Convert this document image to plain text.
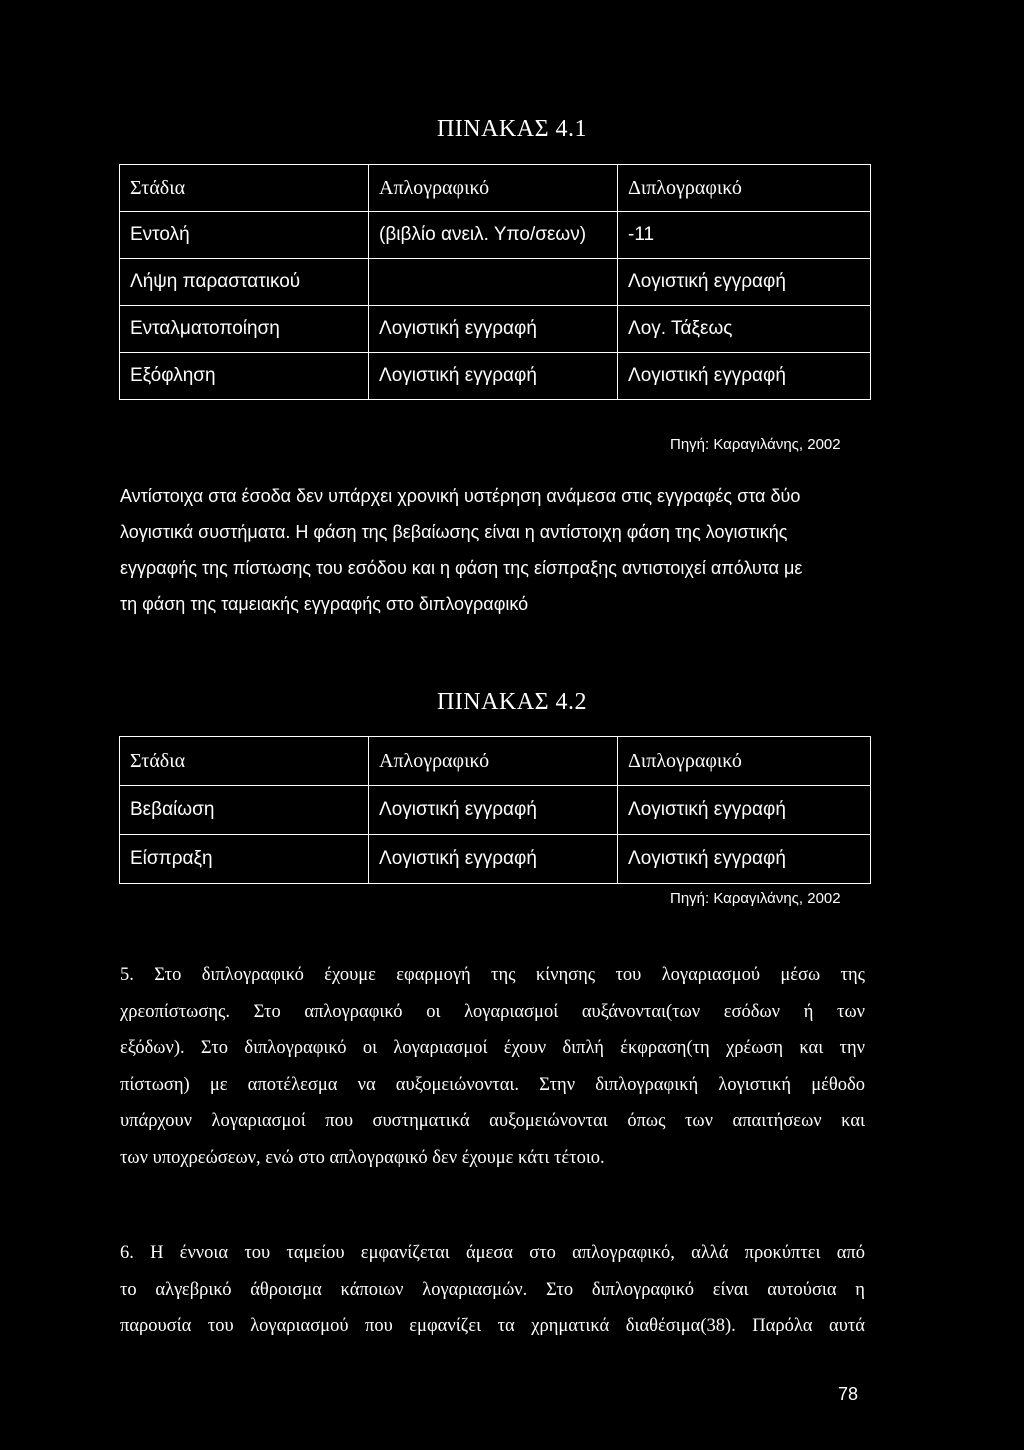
ΠΙΝΑΚΑΣ 4.1
Στάδια	Απλογραφικό	Διπλογραφικό
Εντολή	(βιβλίο ανειλ. Υπο/σεων)	-11
Λήψη παραστατικού		Λογιστική εγγραφή
Ενταλματοποίηση	Λογιστική εγγραφή	Λογ. Τάξεως
Εξόφληση	Λογιστική εγγραφή	Λογιστική εγγραφή
Πηγή: Καραγιλάνης, 2002
Αντίστοιχα στα έσοδα δεν υπάρχει χρονική υστέρηση ανάμεσα στις εγγραφές στα δύο
λογιστικά συστήματα. Η φάση της βεβαίωσης είναι η αντίστοιχη φάση της λογιστικής
εγγραφής της πίστωσης του εσόδου και η φάση της είσπραξης αντιστοιχεί απόλυτα με
τη φάση της ταμειακής εγγραφής στο διπλογραφικό
ΠΙΝΑΚΑΣ 4.2
Στάδια	Απλογραφικό	Διπλογραφικό
Βεβαίωση	Λογιστική εγγραφή	Λογιστική εγγραφή
Είσπραξη	Λογιστική εγγραφή	Λογιστική εγγραφή
Πηγή: Καραγιλάνης, 2002
5. Στο διπλογραφικό έχουμε εφαρμογή της κίνησης του λογαριασμού μέσω της
χρεοπίστωσης. Στο απλογραφικό οι λογαριασμοί αυξάνονται(των εσόδων ή των
εξόδων). Στο διπλογραφικό οι λογαριασμοί έχουν διπλή έκφραση(τη χρέωση και την
πίστωση) με αποτέλεσμα να αυξομειώνονται. Στην διπλογραφική λογιστική μέθοδο
υπάρχουν λογαριασμοί που συστηματικά αυξομειώνονται όπως των απαιτήσεων και
των υποχρεώσεων, ενώ στο απλογραφικό δεν έχουμε κάτι τέτοιο.
6. Η έννοια του ταμείου εμφανίζεται άμεσα στο απλογραφικό, αλλά προκύπτει από
το αλγεβρικό άθροισμα κάποιων λογαριασμών. Στο διπλογραφικό είναι αυτούσια η
παρουσία του λογαριασμού που εμφανίζει τα χρηματικά διαθέσιμα(38). Παρόλα αυτά
78
